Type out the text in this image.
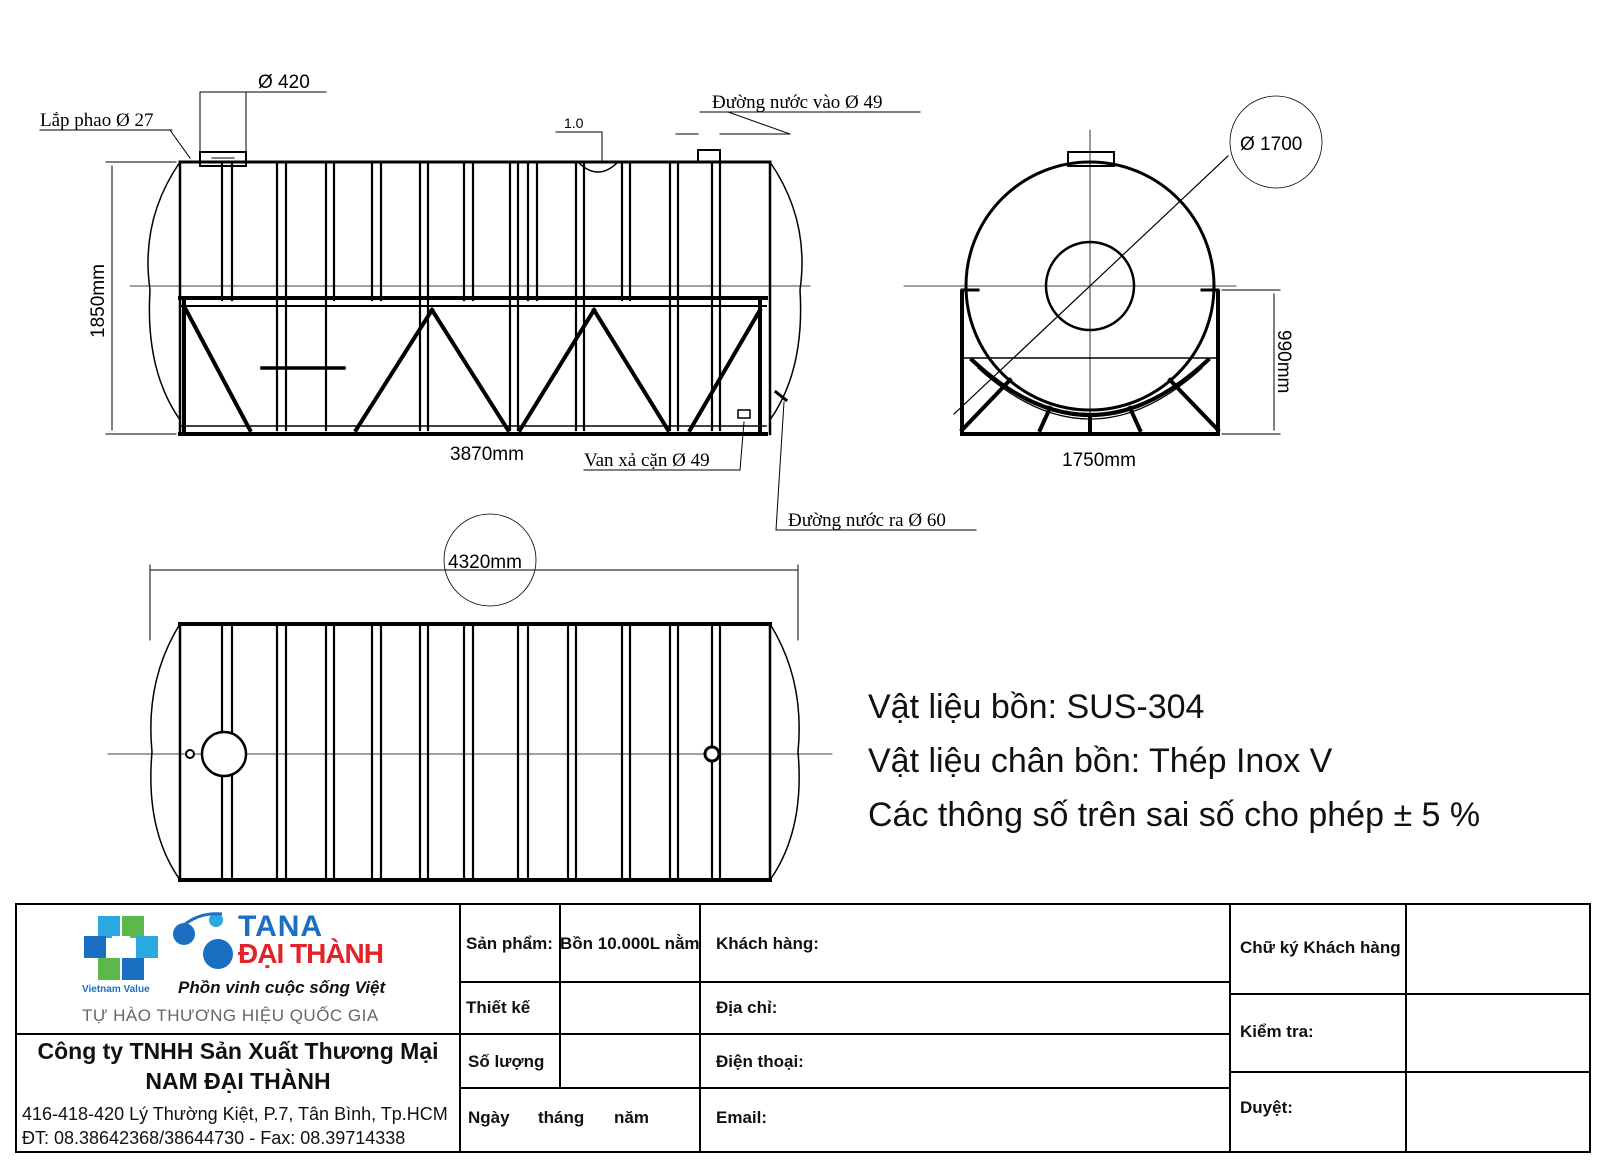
Lắp phao Ø 27
Ø 420
Đường nước vào Ø 49
1.0
1850mm
3870mm	Van xả cặn Ø 49
Đường nước ra Ø 60
Ø 1700
990mm
1750mm
4320mm
Vật liệu bồn: SUS-304
Vật liệu chân bồn: Thép Inox V
Các thông số trên sai số cho phép ± 5 %
TANA
ĐẠI THÀNH
Vietnam Value Phồn vinh cuộc sống Việt
TỰ HÀO THƯƠNG HIỆU QUỐC GIA
Công ty TNHH Sản Xuất Thương Mại
NAM ĐẠI THÀNH
416-418-420 Lý Thường Kiệt, P.7, Tân Bình, Tp.HCM
ĐT: 08.38642368/38644730 - Fax: 08.39714338
Sản phẩm: Bồn 10.000L nằm
Thiết kế
Số lượng
Ngày tháng năm
Khách hàng:
Địa chỉ:
Điện thoại:
Email:
Chữ ký Khách hàng
Kiểm tra:
Duyệt:
